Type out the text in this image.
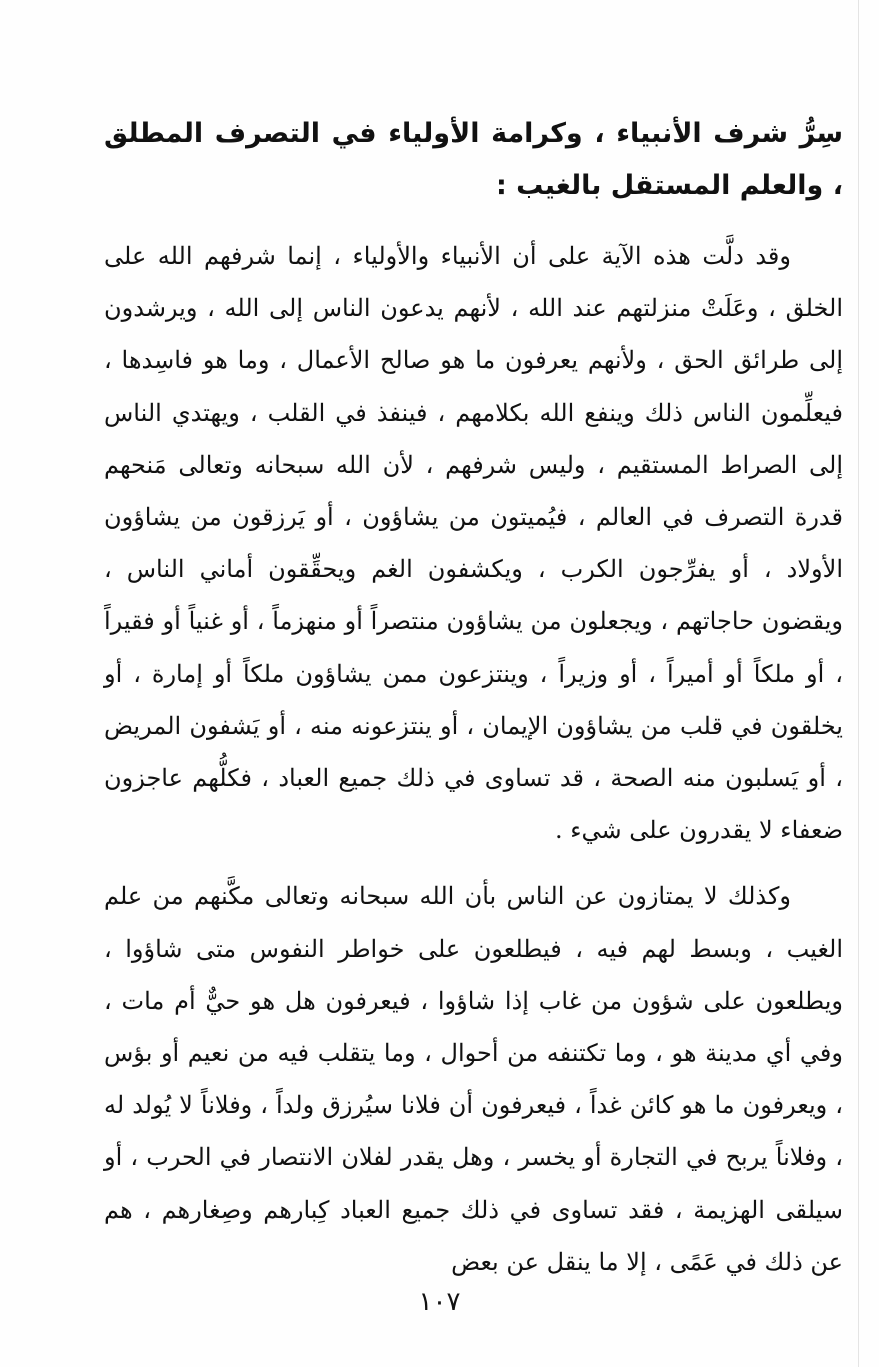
سِرُّ شرف الأنبياء ، وكرامة الأولياء في التصرف المطلق ، والعلم المستقل بالغيب :

وقد دلَّت هذه الآية على أن الأنبياء والأولياء ، إنما شرفهم الله على الخلق ، وعَلَتْ منزلتهم عند الله ، لأنهم يدعون الناس إلى الله ، ويرشدون إلى طرائق الحق ، ولأنهم يعرفون ما هو صالح الأعمال ، وما هو فاسِدها ، فيعلِّمون الناس ذلك وينفع الله بكلامهم ، فينفذ في القلب ، ويهتدي الناس إلى الصراط المستقيم ، وليس شرفهم ، لأن الله سبحانه وتعالى مَنحهم قدرة التصرف في العالم ، فيُميتون من يشاؤون ، أو يَرزقون من يشاؤون الأولاد ، أو يفرِّجون الكرب ، ويكشفون الغم ويحقِّقون أماني الناس ، ويقضون حاجاتهم ، ويجعلون من يشاؤون منتصراً أو منهزماً ، أو غنياً أو فقيراً ، أو ملكاً أو أميراً ، أو وزيراً ، وينتزعون ممن يشاؤون ملكاً أو إمارة ، أو يخلقون في قلب من يشاؤون الإيمان ، أو ينتزعونه منه ، أو يَشفون المريض ، أو يَسلبون منه الصحة ، قد تساوى في ذلك جميع العباد ، فكلُّهم عاجزون ضعفاء لا يقدرون على شيء .

وكذلك لا يمتازون عن الناس بأن الله سبحانه وتعالى مكَّنهم من علم الغيب ، وبسط لهم فيه ، فيطلعون على خواطر النفوس متى شاؤوا ، ويطلعون على شؤون من غاب إذا شاؤوا ، فيعرفون هل هو حيٌّ أم مات ، وفي أي مدينة هو ، وما تكتنفه من أحوال ، وما يتقلب فيه من نعيم أو بؤس ، ويعرفون ما هو كائن غداً ، فيعرفون أن فلانا سيُرزق ولداً ، وفلاناً لا يُولد له ، وفلاناً يربح في التجارة أو يخسر ، وهل يقدر لفلان الانتصار في الحرب ، أو سيلقى الهزيمة ، فقد تساوى في ذلك جميع العباد كِبارهم وصِغارهم ، هم عن ذلك في عَمًى ، إلا ما ينقل عن بعض

١٠٧
